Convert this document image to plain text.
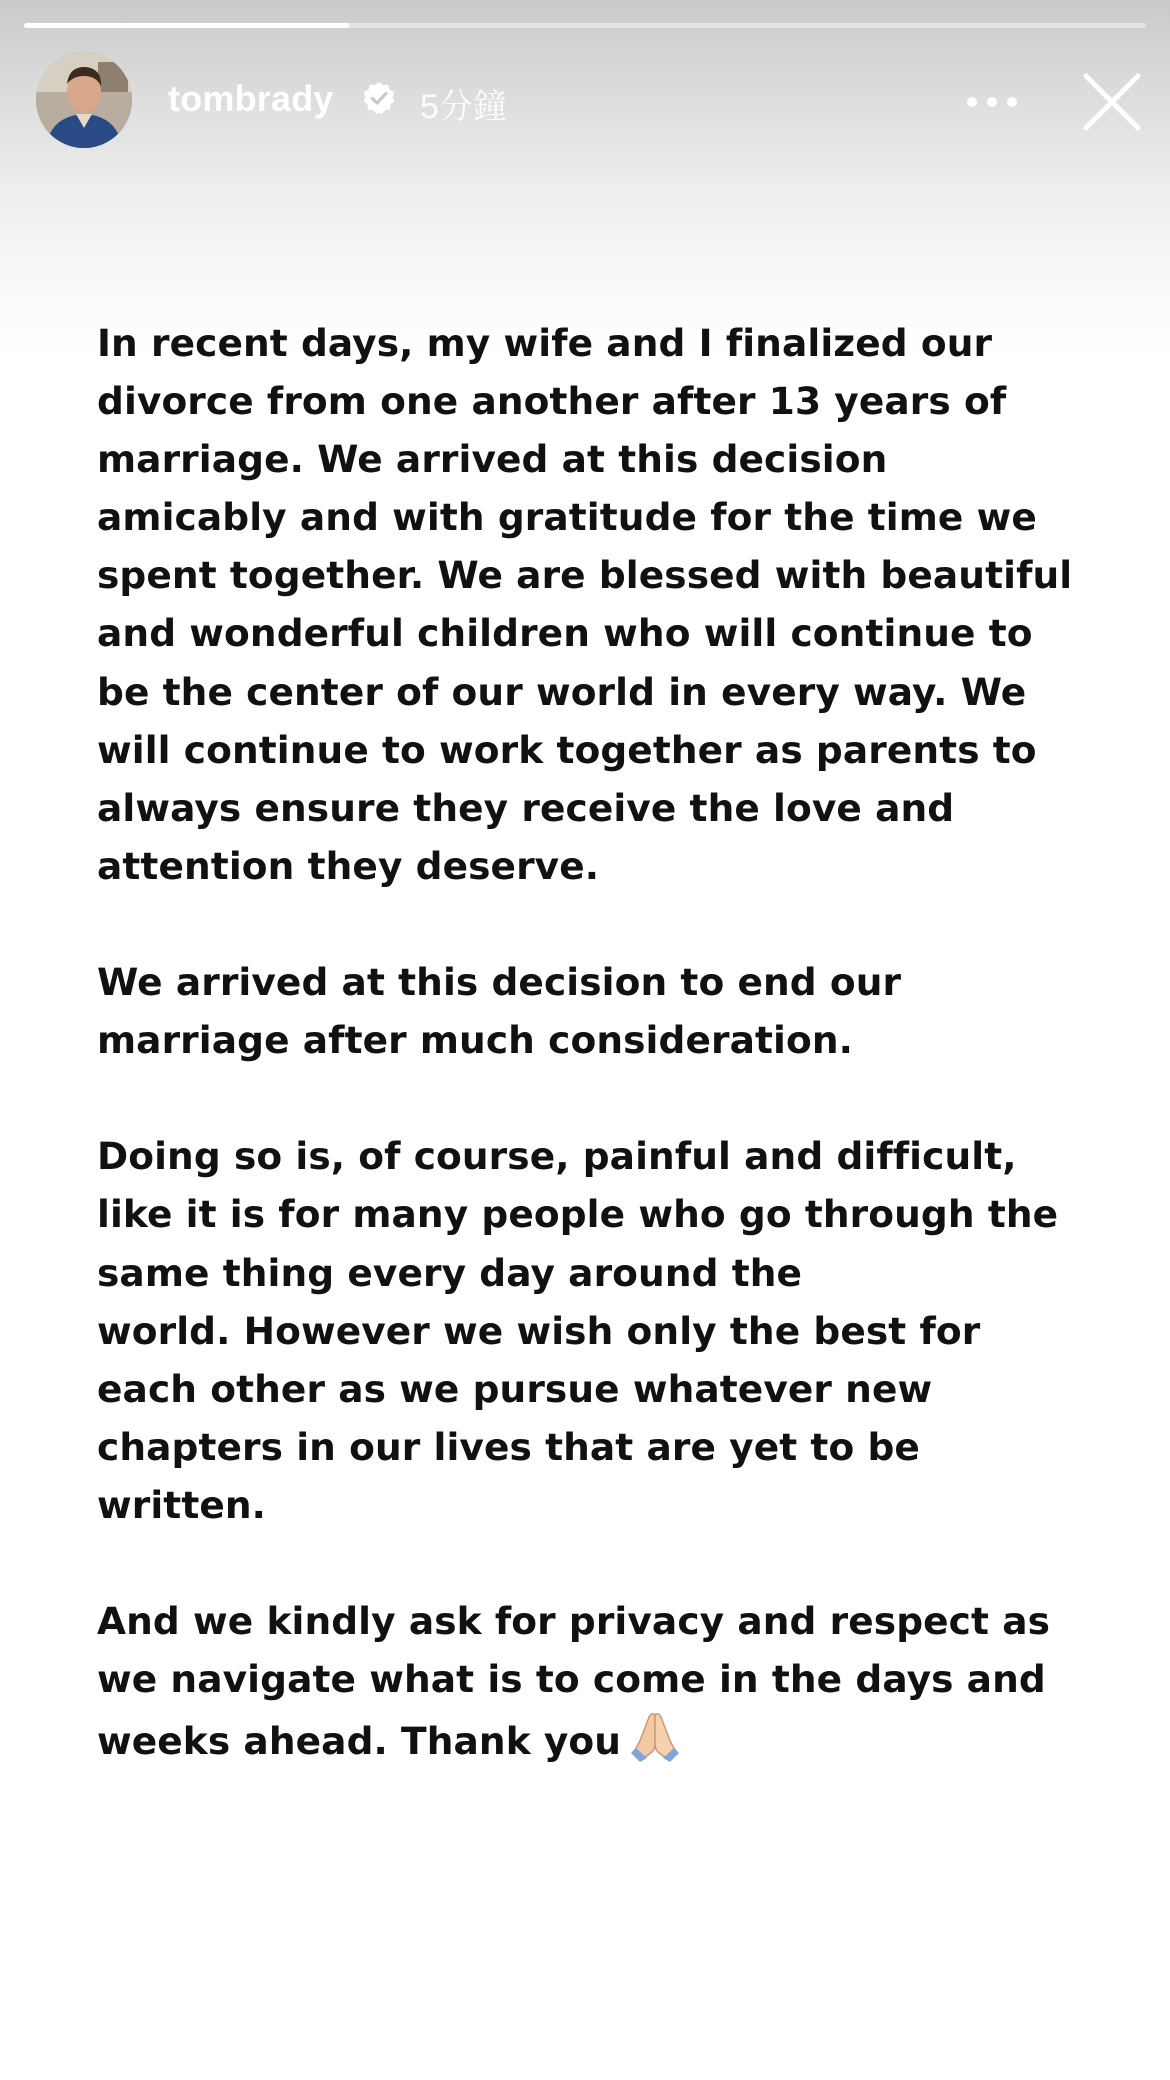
tombrady	5分鐘
In recent days, my wife and I finalized our
divorce from one another after 13 years of
marriage. We arrived at this decision
amicably and with gratitude for the time we
spent together. We are blessed with beautiful
and wonderful children who will continue to
be the center of our world in every way. We
will continue to work together as parents to
always ensure they receive the love and
attention they deserve.
We arrived at this decision to end our
marriage after much consideration.
Doing so is, of course, painful and difficult,
like it is for many people who go through the
same thing every day around the
world. However we wish only the best for
each other as we pursue whatever new
chapters in our lives that are yet to be
written.
And we kindly ask for privacy and respect as
we navigate what is to come in the days and
weeks ahead. Thank you
